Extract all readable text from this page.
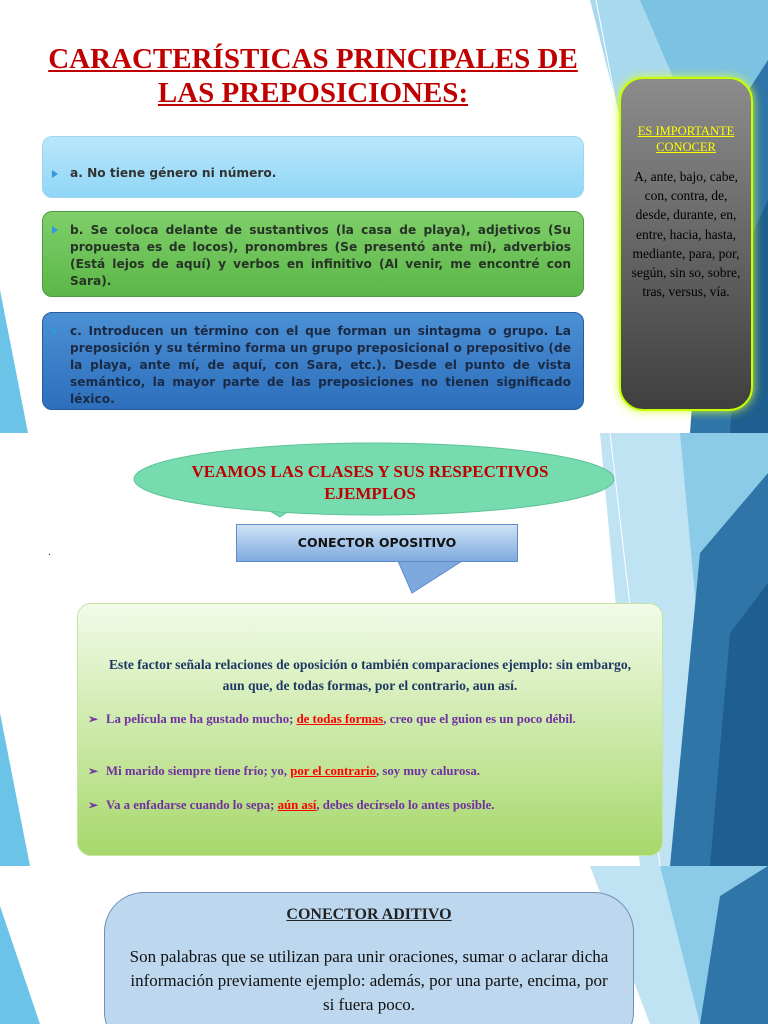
CARACTERÍSTICAS PRINCIPALES DE LAS PREPOSICIONES:
a. No tiene género ni número.
b. Se coloca delante de sustantivos (la casa de playa), adjetivos (Su propuesta es de locos), pronombres (Se presentó ante mí), adverbios (Está lejos de aquí) y verbos en infinitivo (Al venir, me encontré con Sara).
c. Introducen un término con el que forman un sintagma o grupo. La preposición y su término forma un grupo preposicional o prepositivo (de la playa, ante mí, de aquí, con Sara, etc.). Desde el punto de vista semántico, la mayor parte de las preposiciones no tienen significado léxico.
ES IMPORTANTE CONOCER
A, ante, bajo, cabe, con, contra, de, desde, durante, en, entre, hacia, hasta, mediante, para, por, según, sin so, sobre, tras, versus, vía.
VEAMOS LAS CLASES Y SUS RESPECTIVOS EJEMPLOS
.
CONECTOR OPOSITIVO
Este factor señala relaciones de oposición o también comparaciones ejemplo: sin embargo, aun que, de todas formas, por el contrario, aun así.
➢ La película me ha gustado mucho; de todas formas, creo que el guion es un poco débil.
➢ Mi marido siempre tiene frío; yo, por el contrario, soy muy calurosa.
➢ Va a enfadarse cuando lo sepa; aún así, debes decírselo lo antes posible.
CONECTOR ADITIVO
Son palabras que se utilizan para unir oraciones, sumar o aclarar dicha información previamente ejemplo: además, por una parte, encima, por si fuera poco.
